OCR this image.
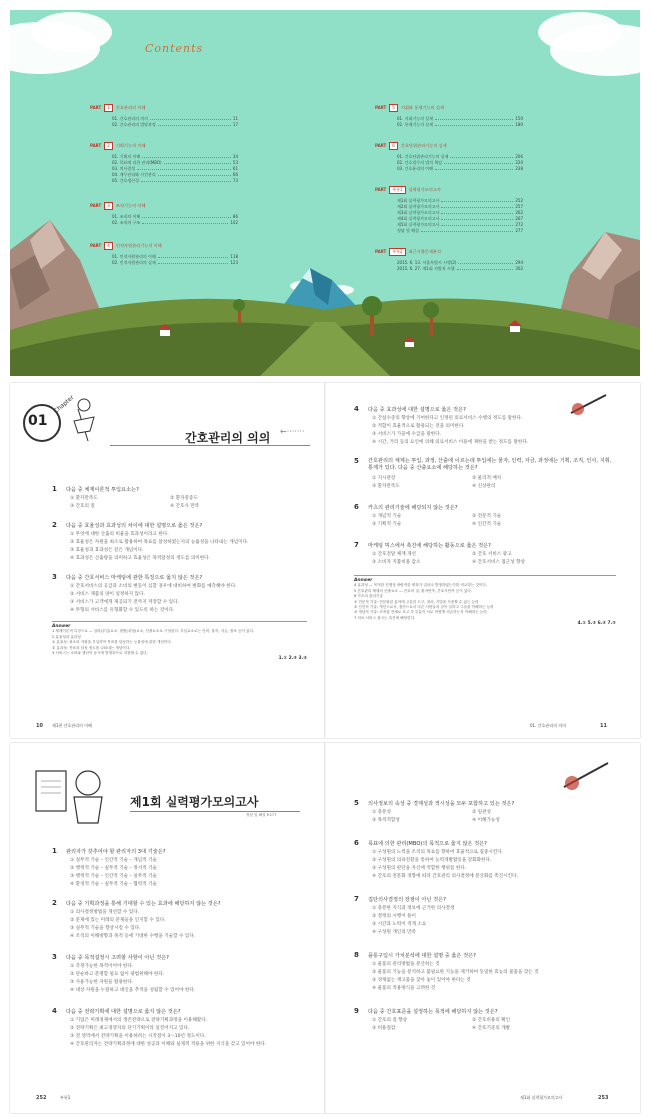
Contents
PART	1	간호관리의 이해
01. 간호관리의 의의	11
02. 간호관리의 발달과정	17
PART	2	기획기능의 이해
01. 기획의 이해	34
02. 목표에 의한 관리(MBO)	53
03. 의사결정	61
04. 재무관리와 시간관리	66
05. 간호생산성	73
PART	3	조직기능의 이해
01. 조직의 이해	86
02. 조직의 구조	102
PART	4	인적자원관리기능의 이해
01. 인적자원관리의 이해	118
02. 인적자원관리의 실제	123
PART	5	지휘와 통제기능의 실제
01. 지휘기능의 실제	150
02. 통제기능의 실제	180
PART	6	간호단위관리기능의 실제
01. 간호단위관리기능의 실제	206
02. 간호업무의 법적 책임	220
03. 간호윤리의 이해	238
PART	부록1	실력평가모의고사
제1회 실력평가모의고사	252
제2회 실력평가모의고사	257
제3회 실력평가모의고사	262
제4회 실력평가모의고사	267
제5회 실력평가모의고사	272
정답 및 해설	277
PART	부록2	최근기출문제분석
2015. 6. 13. 서울특별시 시행(2)	294
2015. 6. 27. 제1회 지방직 시행	302
01
Chapter
간호관리의 의의 ←·······
1 다음 중 체계이론적 투입요소는?
① 환자만족도	② 환자중증도
③ 간호의 질	④ 간호사 만족
2 다음 중 효율성과 효과성의 차이에 대한 설명으로 옳은 것은?
① 무엇에 대한 산출의 비율을 효과성이라고 한다.
② 효율성은 자원을 최소로 활용하여 목표를 달성하였는지의 능률성을 나타내는 개념이다.
③ 효율성과 효과성은 같은 개념이다.
④ 효과성은 산출량을 의미하고 효율성은 목적달성의 정도를 의미한다.
3 다음 중 간호서비스 마케팅에 관한 특징으로 옳지 않은 것은?
① 간호서비스의 공급과 소비의 변동이 심할 경우에 대비하여 변화를 예측해야 한다.
② 서비스 제품의 양이 일정하지 않다.
③ 서비스가 고객에게 제공되기 전까지 저장할 수 있다.
④ 무형의 서비스를 유형화할 수 있도록 하는 것이다.
Answer
1 체계이론적 특징으로 — 입력(투입)요소, 변환(과정)요소, 산출요소로 구성된다. 투입요소로는 인력, 물자, 자금, 정보 등이 있다.
2 효율성과 효과성
① 효율성: 최소의 자원을 투입하여 목표를 달성하는 능률성에 관한 개념이다.
② 효과성: 목표의 달성 정도를 나타내는 개념이다.
3 서비스는 소비와 생산이 동시에 발생하므로 저장할 수 없다.
1.① 2.③ 3.③
10 제1편 간호관리의 이해
4 다음 중 효과성에 대한 설명으로 옳은 것은?
① 간섭수준의 향상에 기여한다고 인정된 의료서비스 수행의 정도를 말한다.
② 적합이 효율적으로 활용되는 것을 의미한다.
③ 서비스가 가을에 수급을 말한다.
④ 시간, 거리 등의 요인에 의해 의료서비스 이용에 제한을 받는 정도를 말한다.
5 간호관리의 체계는 투입, 과정, 산출에 이르는데 투입에는 물자, 인력, 자금, 과정에는 기획, 조직, 인사, 지휘, 통제가 있다. 다음 중 산출요소에 해당하는 것은?
① 지시관장	② 물리적 배치
③ 환자만족도	④ 신상관리
6 카츠의 관리기술에 해당되지 않는 것은?
① 개념적 기술	② 전문적 기술
③ 기획적 기술	④ 인간적 기술
7 마케팅 믹스에서 촉진에 해당하는 활동으로 옳은 것은?
① 간호전달 체계 개선	② 간호 서비스 광고
③ 소비자 지불비용 감소	④ 간호서비스 접근성 향상
Answer
4 효과성 — 목적한 진행상 바람직한 변화가 얼마나 발생하였는가를 비교하는 것이다.
5 간호관리 체계의 산출요소 — 간호의 질, 환자만족, 간호사만족 등이 있다.
6 카츠의 관리기술
① 전문적 기술: 전문화된 분야에 고유한 도구, 절차, 기법을 사용할 수 있는 능력
② 인간적 기술: 개인으로서, 집단으로서 다른 사람들과 같이 일하고 그들을 이해하는 능력
③ 개념적 기술: 조직을 전체로 보고 각 부분이 서로 어떻게 의존하는지 이해하는 능력
7 의료 서비스 광고는 촉진에 해당한다.
4.① 5.③ 6.③ 7.②
01. 간호관리의 의의	11
제1회 실력평가모의고사
정답 및 해설 P.277
1 관리자가 갖추어야 할 관리자의 3대 기술은?
① 실무적 기술 – 인간적 기술 – 개념적 기술
② 행정적 기술 – 실무적 기술 – 정서적 기술
③ 행정적 기술 – 인간적 기술 – 실무적 기술
④ 환경적 기술 – 실무적 기술 – 협력적 기술
2 다음 중 기획과정을 통해 기대할 수 있는 효과에 해당하지 않는 것은?
① 의사결정방법을 개선할 수 있다.
② 문제에 있는 미래의 문제들을 인지할 수 있다.
③ 실무적 기술을 향상시킬 수 있다.
④ 조직의 이해방향과 목적 등에 기대한 수행을 기술할 수 있다.
3 다음 중 목적설정시 고려할 사항이 아닌 것은?
① 측정가능한 목적이어야 한다.
② 단순하고 분명할 필요 없이 광범위해야 한다.
③ 사용가능한 자원을 활용한다.
④ 대상 자원을 누릴하고 대신을 추적을 성립할 수 있어야 한다.
4 다음 중 전략기획에 대한 설명으로 옳지 않은 것은?
① 기업은 미래경제에서의 생존전략으로 전략기획과정을 이용해왔다.
② 전략기획은 최고경영자의 단기기획이라 일컫어지고 있다.
③ 전 영역에서 전략기획을 이용하려는 시작점이 3～10년 정도이다.
④ 간호관리자는 전략기획과정에 대한 성공과 이해와 실제적 적용을 위한 지식을 갖고 있어야 한다.
252	부록1
5 의사정보의 속성 중 경제성과 적시성을 모두 포함하고 있는 것은?
① 충분성	② 일관성
③ 목적적합성	④ 이해가능성
6 목표에 의한 관리(MBO)의 목적으로 옳지 않은 것은?
① 구성원의 노력을 조직의 목표를 향하여 효율적으로 집중시킨다.
② 구성원의 의욕전환을 통하여 능력개발활동을 강화화한다.
③ 구성원의 판단을 자신에 적합한 행위를 한다.
④ 간호의 전문화 경향에 따라 간호관리 의사결정에 분산화를 촉진시킨다.
7 집단의사결정의 장점이 아닌 것은?
① 충분한 지식과 정보에 근거한 의사결정
② 결정의 시행이 용이
③ 시간과 노력이 적게 소요
④ 구성원 개인의 만족
8 플롱구입시 가치분석에 대한 설명 중 옳은 것은?
① 물품의 관리방법을 분산하는 것
② 물품의 기능을 분석하고 불필요한 기능을 제거하여 동일한 효능의 물품을 찾는 것
③ 경제없는 재고품을 찾아 놓이 있어야 한다는 것
④ 물품의 적용방식을 고려한 것
9 다음 중 간호표준을 설정하는 목적에 해당하지 않는 것은?
① 간호의 질 향상	② 간호비용의 확인
③ 비용절감	④ 간호기준의 개발
제1회 실력평가모의고사	253
